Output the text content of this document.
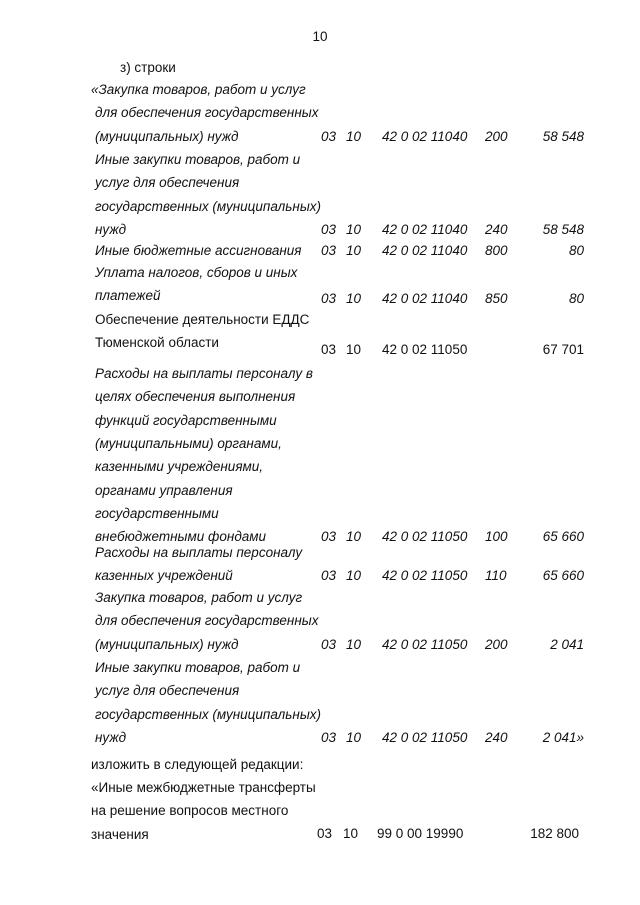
10
з) строки
«Закупка товаров, работ и услуг
для обеспечения государственных
(муниципальных) нужд	03 10 42 0 02 11040 200	58 548
Иные закупки товаров, работ и
услуг для обеспечения
государственных (муниципальных)
нужд	03 10 42 0 02 11040 240	58 548
Иные бюджетные ассигнования 03 10 42 0 02 11040 800	80
Уплата налогов, сборов и иных
платежей	03 10 42 0 02 11040 850	80
Обеспечение деятельности ЕДДС
Тюменской области	03 10 42 0 02 11050	67 701
Расходы на выплаты персоналу в
целях обеспечения выполнения
функций государственными
(муниципальными) органами,
казенными учреждениями,
органами управления
государственными
внебюджетными фондами	03 10 42 0 02 11050 100	65 660
Расходы на выплаты персоналу
казенных учреждений	03 10 42 0 02 11050 110	65 660
Закупка товаров, работ и услуг
для обеспечения государственных
(муниципальных) нужд	03 10 42 0 02 11050 200	2 041
Иные закупки товаров, работ и
услуг для обеспечения
государственных (муниципальных)
нужд	03 10 42 0 02 11050 240	2 041»
изложить в следующей редакции:
«Иные межбюджетные трансферты
на решение вопросов местного
значения	03 10 99 0 00 19990	182 800
